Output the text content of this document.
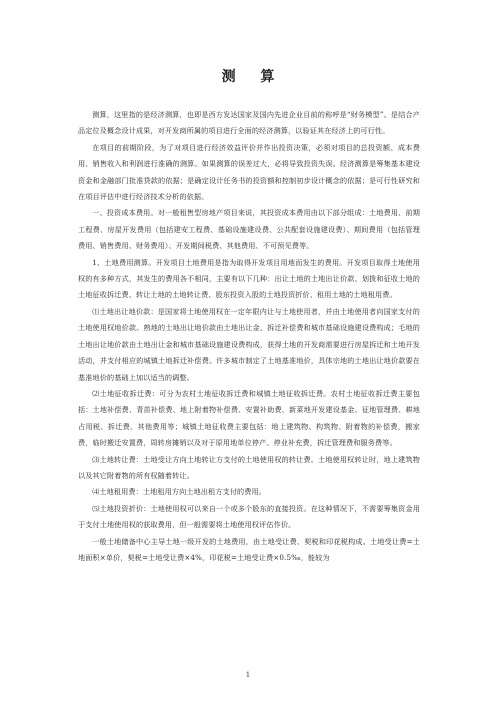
测 算

测算，这里指的是经济测算，也即是西方发达国家及国内先进企业目前的称呼是“财务模型”。是结合产品定位及概念设计成果，对开发商所属的项目进行全面的经济测算，以验证其在经济上的可行性。

在项目的前期阶段，为了对项目进行经济效益评价并作出投资决策，必须对项目的总投资额、成本费用、销售收入和利润进行准确的测算。如果测算的误差过大，必将导致投资失误。经济测算是筹集基本建设资金和金融部门批准贷款的依据；是确定设计任务书的投资额和控制初步设计概念的依据；是可行性研究和在项目评估中进行经济技术分析的依据。

一、投资成本费用。对一般租售型房地产项目来说，其投资成本费用由以下部分组成：土地费用、前期工程费、房屋开发费用（包括建安工程费、基础设施建设费、公共配套设施建设费）、期间费用（包括管理费用、销售费用、财务费用）、开发期间税费、其他费用、不可预见费等。

1、土地费用测算。开发项目土地费用是指为取得开发项目用地而发生的费用。开发项目取得土地使用权的有多种方式，其发生的费用各不相同，主要有以下几种：出让土地的土地出让价款、划拨和征收土地的土地征收拆迁费、转让土地的土地转让费、股东投资入股的土地投资折价、租用土地的土地租用费。

⑴土地出让地价款：是国家将土地使用权在一定年限内让与土地使用者，并由土地使用者向国家支付的土地使用权地价款。熟地的土地出让地价款由土地出让金、拆迁补偿费和城市基础设施建设费构成；毛地的土地出让地价款由土地出让金和城市基础设施建设费构成，获得土地的开发商需要进行房屋拆迁和土地开发活动，并支付相应的城镇土地拆迁补偿费。许多城市制定了土地基准地价，具体宗地的土地出让地价款要在基准地价的基础上加以适当的调整。

⑵土地征收拆迁费：可分为农村土地征收拆迁费和城镇土地征收拆迁费。农村土地征收拆迁费主要包括：土地补偿费、青苗补偿费、地上附着物补偿费、安置补助费、新菜地开发建设基金、征地管理费、耕地占用税、拆迁费、其他费用等；城镇土地征收费主要包括：地上建筑物、构筑物、附着物的补偿费，搬家费，临时搬迁安置费，周转房摊销以及对于原用地单位停产、停业补充费，拆迁管理费和服务费等。

⑶土地转让费：土地受让方向土地转让方支付的土地使用权的转让费。土地使用权转让时，地上建筑物以及其它附着物的所有权随着转让。

⑷土地租用费：土地租用方向土地出租方支付的费用。

⑸土地投资折价：土地使用权可以来自一个或多个股东的直接投资。在这种情况下，不需要筹集资金用于支付土地使用权的获取费用，但一般需要将土地使用权评估作价。

一般土地储备中心主导土地一级开发的土地费用，由土地受让费、契税和印花税构成。土地受让费=土地面积×单价，契税=土地受让费×4%，印花税=土地受让费×0.5‰，能较为

1
